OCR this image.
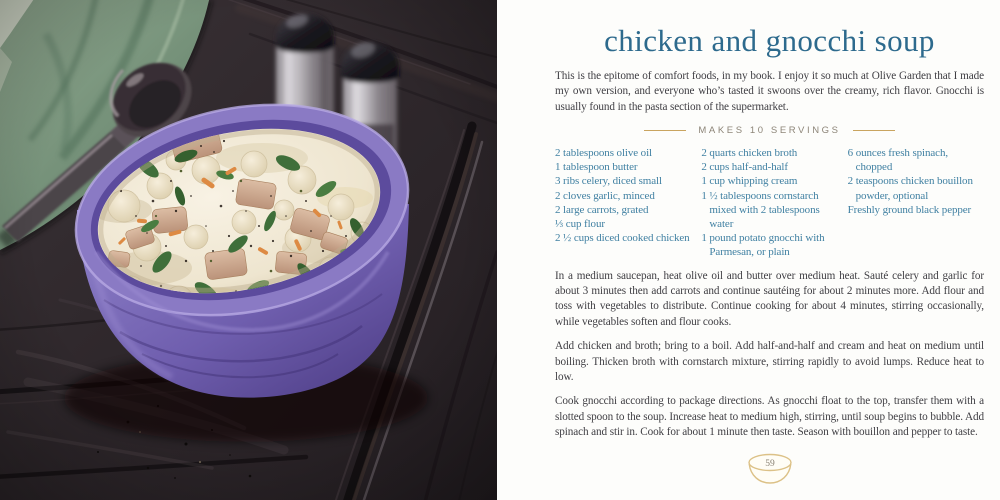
chicken and gnocchi soup

This is the epitome of comfort foods, in my book. I enjoy it so much at Olive Garden that I made my own version, and everyone who’s tasted it swoons over the creamy, rich flavor. Gnocchi is usually found in the pasta section of the supermarket.

MAKES 10 SERVINGS
2 tablespoons olive oil
1 tablespoon butter
3 ribs celery, diced small
2 cloves garlic, minced
2 large carrots, grated
⅓ cup flour
2 ½ cups diced cooked chicken
2 quarts chicken broth
2 cups half-and-half
1 cup whipping cream
1 ½ tablespoons cornstarch mixed with 2 tablespoons water
1 pound potato gnocchi with Parmesan, or plain
6 ounces fresh spinach, chopped
2 teaspoons chicken bouillon powder, optional
Freshly ground black pepper

In a medium saucepan, heat olive oil and butter over medium heat. Sauté celery and garlic for about 3 minutes then add carrots and continue sautéing for about 2 minutes more. Add flour and toss with vegetables to distribute. Continue cooking for about 4 minutes, stirring occasionally, while vegetables soften and flour cooks.

Add chicken and broth; bring to a boil. Add half-and-half and cream and heat on medium until boiling. Thicken broth with cornstarch mixture, stirring rapidly to avoid lumps. Reduce heat to low.

Cook gnocchi according to package directions. As gnocchi float to the top, transfer them with a slotted spoon to the soup. Increase heat to medium high, stirring, until soup begins to bubble. Add spinach and stir in. Cook for about 1 minute then taste. Season with bouillon and pepper to taste.

59
